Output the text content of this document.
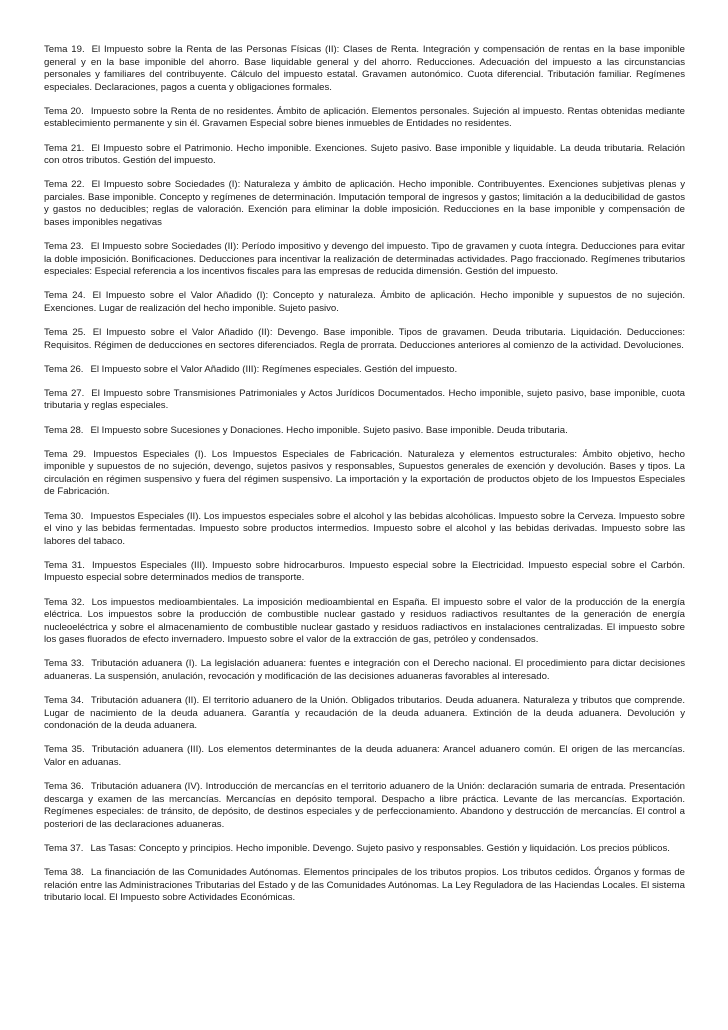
Tema 19. El Impuesto sobre la Renta de las Personas Físicas (II): Clases de Renta. Integración y compensación de rentas en la base imponible general y en la base imponible del ahorro. Base liquidable general y del ahorro. Reducciones. Adecuación del impuesto a las circunstancias personales y familiares del contribuyente. Cálculo del impuesto estatal. Gravamen autonómico. Cuota diferencial. Tributación familiar. Regímenes especiales. Declaraciones, pagos a cuenta y obligaciones formales.

Tema 20. Impuesto sobre la Renta de no residentes. Ámbito de aplicación. Elementos personales. Sujeción al impuesto. Rentas obtenidas mediante establecimiento permanente y sin él. Gravamen Especial sobre bienes inmuebles de Entidades no residentes.

Tema 21. El Impuesto sobre el Patrimonio. Hecho imponible. Exenciones. Sujeto pasivo. Base imponible y liquidable. La deuda tributaria. Relación con otros tributos. Gestión del impuesto.

Tema 22. El Impuesto sobre Sociedades (I): Naturaleza y ámbito de aplicación. Hecho imponible. Contribuyentes. Exenciones subjetivas plenas y parciales. Base imponible. Concepto y regímenes de determinación. Imputación temporal de ingresos y gastos; limitación a la deducibilidad de gastos y gastos no deducibles; reglas de valoración. Exención para eliminar la doble imposición. Reducciones en la base imponible y compensación de bases imponibles negativas

Tema 23. El Impuesto sobre Sociedades (II): Período impositivo y devengo del impuesto. Tipo de gravamen y cuota íntegra. Deducciones para evitar la doble imposición. Bonificaciones. Deducciones para incentivar la realización de determinadas actividades. Pago fraccionado. Regímenes tributarios especiales: Especial referencia a los incentivos fiscales para las empresas de reducida dimensión. Gestión del impuesto.

Tema 24. El Impuesto sobre el Valor Añadido (I): Concepto y naturaleza. Ámbito de aplicación. Hecho imponible y supuestos de no sujeción. Exenciones. Lugar de realización del hecho imponible. Sujeto pasivo.

Tema 25. El Impuesto sobre el Valor Añadido (II): Devengo. Base imponible. Tipos de gravamen. Deuda tributaria. Liquidación. Deducciones: Requisitos. Régimen de deducciones en sectores diferenciados. Regla de prorrata. Deducciones anteriores al comienzo de la actividad. Devoluciones.

Tema 26. El Impuesto sobre el Valor Añadido (III): Regímenes especiales. Gestión del impuesto.

Tema 27. El Impuesto sobre Transmisiones Patrimoniales y Actos Jurídicos Documentados. Hecho imponible, sujeto pasivo, base imponible, cuota tributaria y reglas especiales.

Tema 28. El Impuesto sobre Sucesiones y Donaciones. Hecho imponible. Sujeto pasivo. Base imponible. Deuda tributaria.

Tema 29. Impuestos Especiales (I). Los Impuestos Especiales de Fabricación. Naturaleza y elementos estructurales: Ámbito objetivo, hecho imponible y supuestos de no sujeción, devengo, sujetos pasivos y responsables, Supuestos generales de exención y devolución. Bases y tipos. La circulación en régimen suspensivo y fuera del régimen suspensivo. La importación y la exportación de productos objeto de los Impuestos Especiales de Fabricación.

Tema 30. Impuestos Especiales (II). Los impuestos especiales sobre el alcohol y las bebidas alcohólicas. Impuesto sobre la Cerveza. Impuesto sobre el vino y las bebidas fermentadas. Impuesto sobre productos intermedios. Impuesto sobre el alcohol y las bebidas derivadas. Impuesto sobre las labores del tabaco.

Tema 31. Impuestos Especiales (III). Impuesto sobre hidrocarburos. Impuesto especial sobre la Electricidad. Impuesto especial sobre el Carbón. Impuesto especial sobre determinados medios de transporte.

Tema 32. Los impuestos medioambientales. La imposición medioambiental en España. El impuesto sobre el valor de la producción de la energía eléctrica. Los impuestos sobre la producción de combustible nuclear gastado y residuos radiactivos resultantes de la generación de energía nucleoeléctrica y sobre el almacenamiento de combustible nuclear gastado y residuos radiactivos en instalaciones centralizadas. El impuesto sobre los gases fluorados de efecto invernadero. Impuesto sobre el valor de la extracción de gas, petróleo y condensados.

Tema 33. Tributación aduanera (I). La legislación aduanera: fuentes e integración con el Derecho nacional. El procedimiento para dictar decisiones aduaneras. La suspensión, anulación, revocación y modificación de las decisiones aduaneras favorables al interesado.

Tema 34. Tributación aduanera (II). El territorio aduanero de la Unión. Obligados tributarios. Deuda aduanera. Naturaleza y tributos que comprende. Lugar de nacimiento de la deuda aduanera. Garantía y recaudación de la deuda aduanera. Extinción de la deuda aduanera. Devolución y condonación de la deuda aduanera.

Tema 35. Tributación aduanera (III). Los elementos determinantes de la deuda aduanera: Arancel aduanero común. El origen de las mercancías. Valor en aduanas.

Tema 36. Tributación aduanera (IV). Introducción de mercancías en el territorio aduanero de la Unión: declaración sumaria de entrada. Presentación descarga y examen de las mercancías. Mercancías en depósito temporal. Despacho a libre práctica. Levante de las mercancías. Exportación. Regímenes especiales: de tránsito, de depósito, de destinos especiales y de perfeccionamiento. Abandono y destrucción de mercancías. El control a posteriori de las declaraciones aduaneras.

Tema 37. Las Tasas: Concepto y principios. Hecho imponible. Devengo. Sujeto pasivo y responsables. Gestión y liquidación. Los precios públicos.

Tema 38. La financiación de las Comunidades Autónomas. Elementos principales de los tributos propios. Los tributos cedidos. Órganos y formas de relación entre las Administraciones Tributarias del Estado y de las Comunidades Autónomas. La Ley Reguladora de las Haciendas Locales. El sistema tributario local. El Impuesto sobre Actividades Económicas.
